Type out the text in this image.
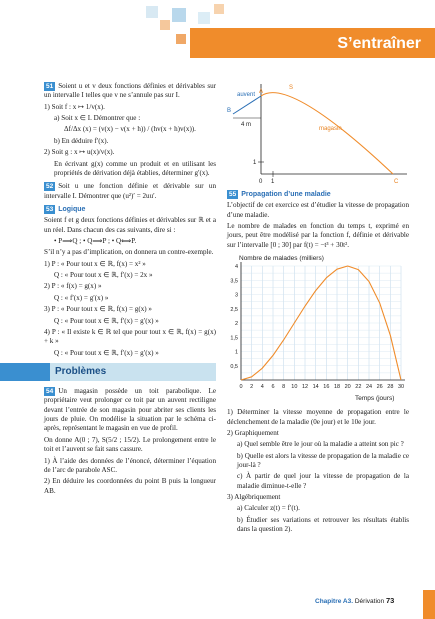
S’entraîner

51 Soient u et v deux fonctions définies et dérivables sur un intervalle I telles que v ne s’annule pas sur I.

1) Soit f : x ↦ 1/v(x).

a) Soit x ∈ I. Démontrer que :

Δf/Δx (x) = (v(x) − v(x + h)) / (hv(x + h)v(x)).

b) En déduire f′(x).

2) Soit g : x ↦ u(x)/v(x).

En écrivant g(x) comme un produit et en utilisant les propriétés de dérivation déjà établies, déterminer g′(x).

52 Soit u une fonction définie et dérivable sur un intervalle I. Démontrer que (u²)′ = 2uu′.

53 Logique

Soient f et g deux fonctions définies et dérivables sur ℝ et a un réel. Dans chacun des cas suivants, dire si :

• P⟹Q ; • Q⟹P ; • Q⟺P.

S’il n’y a pas d’implication, on donnera un contre-exemple.

1) P : « Pour tout x ∈ ℝ, f(x) = x² »

Q : « Pour tout x ∈ ℝ, f′(x) = 2x »

2) P : « f(x) = g(x) »

Q : « f′(x) = g′(x) »

3) P : « Pour tout x ∈ ℝ, f(x) = g(x) »

Q : « Pour tout x ∈ ℝ, f′(x) = g′(x) »

4) P : « Il existe k ∈ ℝ tel que pour tout x ∈ ℝ, f(x) = g(x) + k »

Q : « Pour tout x ∈ ℝ, f′(x) = g′(x) »

Problèmes

54 Un magasin possède un toit parabolique. Le propriétaire veut prolonger ce toit par un auvent rectiligne devant l’entrée de son magasin pour abriter ses clients les jours de pluie. On modélise la situation par le schéma ci-après, représentant le magasin en vue de profil.

On donne A(0 ; 7), S(5/2 ; 15/2). Le prolongement entre le toit et l’auvent se fait sans cassure.

1) À l’aide des données de l’énoncé, déterminer l’équation de l’arc de parabole ASC.

2) En déduire les coordonnées du point B puis la longueur AB.

4 m
auvent A
S
B
C
magasin
0 1
1

55 Propagation d’une maladie

L’objectif de cet exercice est d’étudier la vitesse de propagation d’une maladie.

Le nombre de malades en fonction du temps t, exprimé en jours, peut être modélisé par la fonction f, définie et dérivable sur l’intervalle [0 ; 30] par f(t) = −t³ + 30t².

Nombre de malades (milliers)
Temps (jours)
0 2 4 6 8 10 12 14 16 18 20 22 24 26 28 30
0,5
1
1,5
2
2,5
3
3,5
4

1) Déterminer la vitesse moyenne de propagation entre le déclenchement de la maladie (0e jour) et le 10e jour.

2) Graphiquement

a) Quel semble être le jour où la maladie a atteint son pic ?

b) Quelle est alors la vitesse de propagation de la maladie ce jour-là ?

c) À partir de quel jour la vitesse de propagation de la maladie diminue-t-elle ?

3) Algébriquement

a) Calculer z(t) = f′(t).

b) Étudier ses variations et retrouver les résultats établis dans la question 2).

Chapitre A3. Dérivation 73
